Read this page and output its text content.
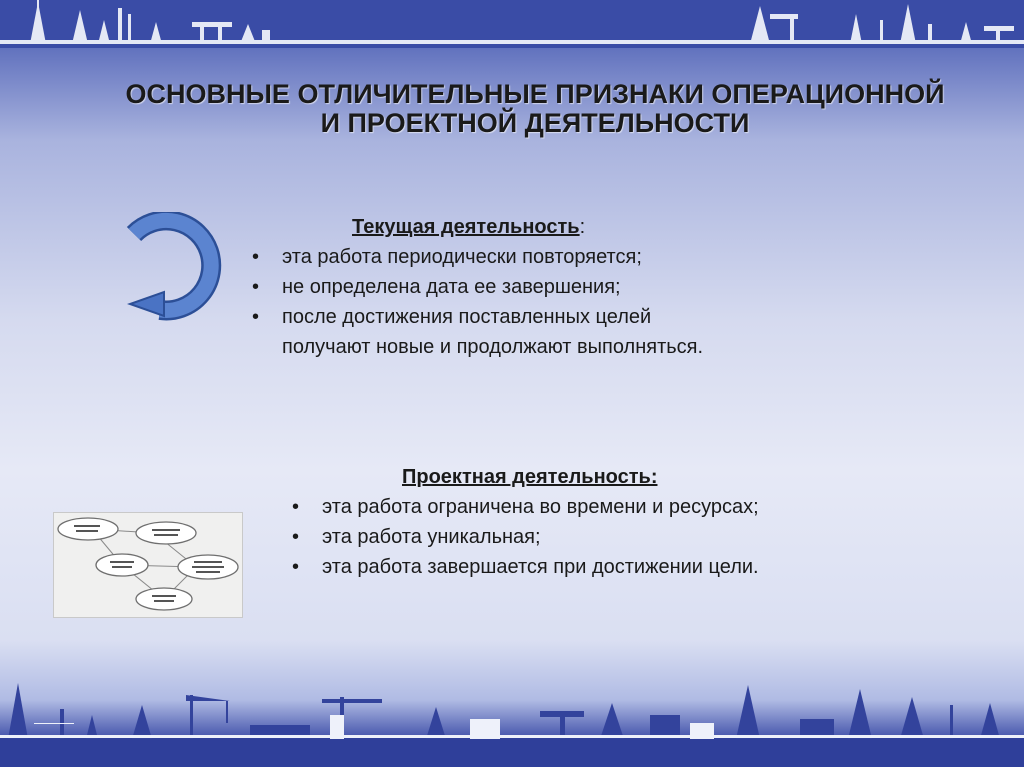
ОСНОВНЫЕ ОТЛИЧИТЕЛЬНЫЕ ПРИЗНАКИ ОПЕРАЦИОННОЙ
И ПРОЕКТНОЙ ДЕЯТЕЛЬНОСТИ
Текущая деятельность:
• эта работа периодически повторяется;
• не определена дата ее завершения;
• после достижения поставленных целей получают новые и продолжают выполняться.
Проектная деятельность:
• эта работа ограничена во времени и ресурсах;
• эта работа уникальная;
• эта работа завершается при достижении цели.
